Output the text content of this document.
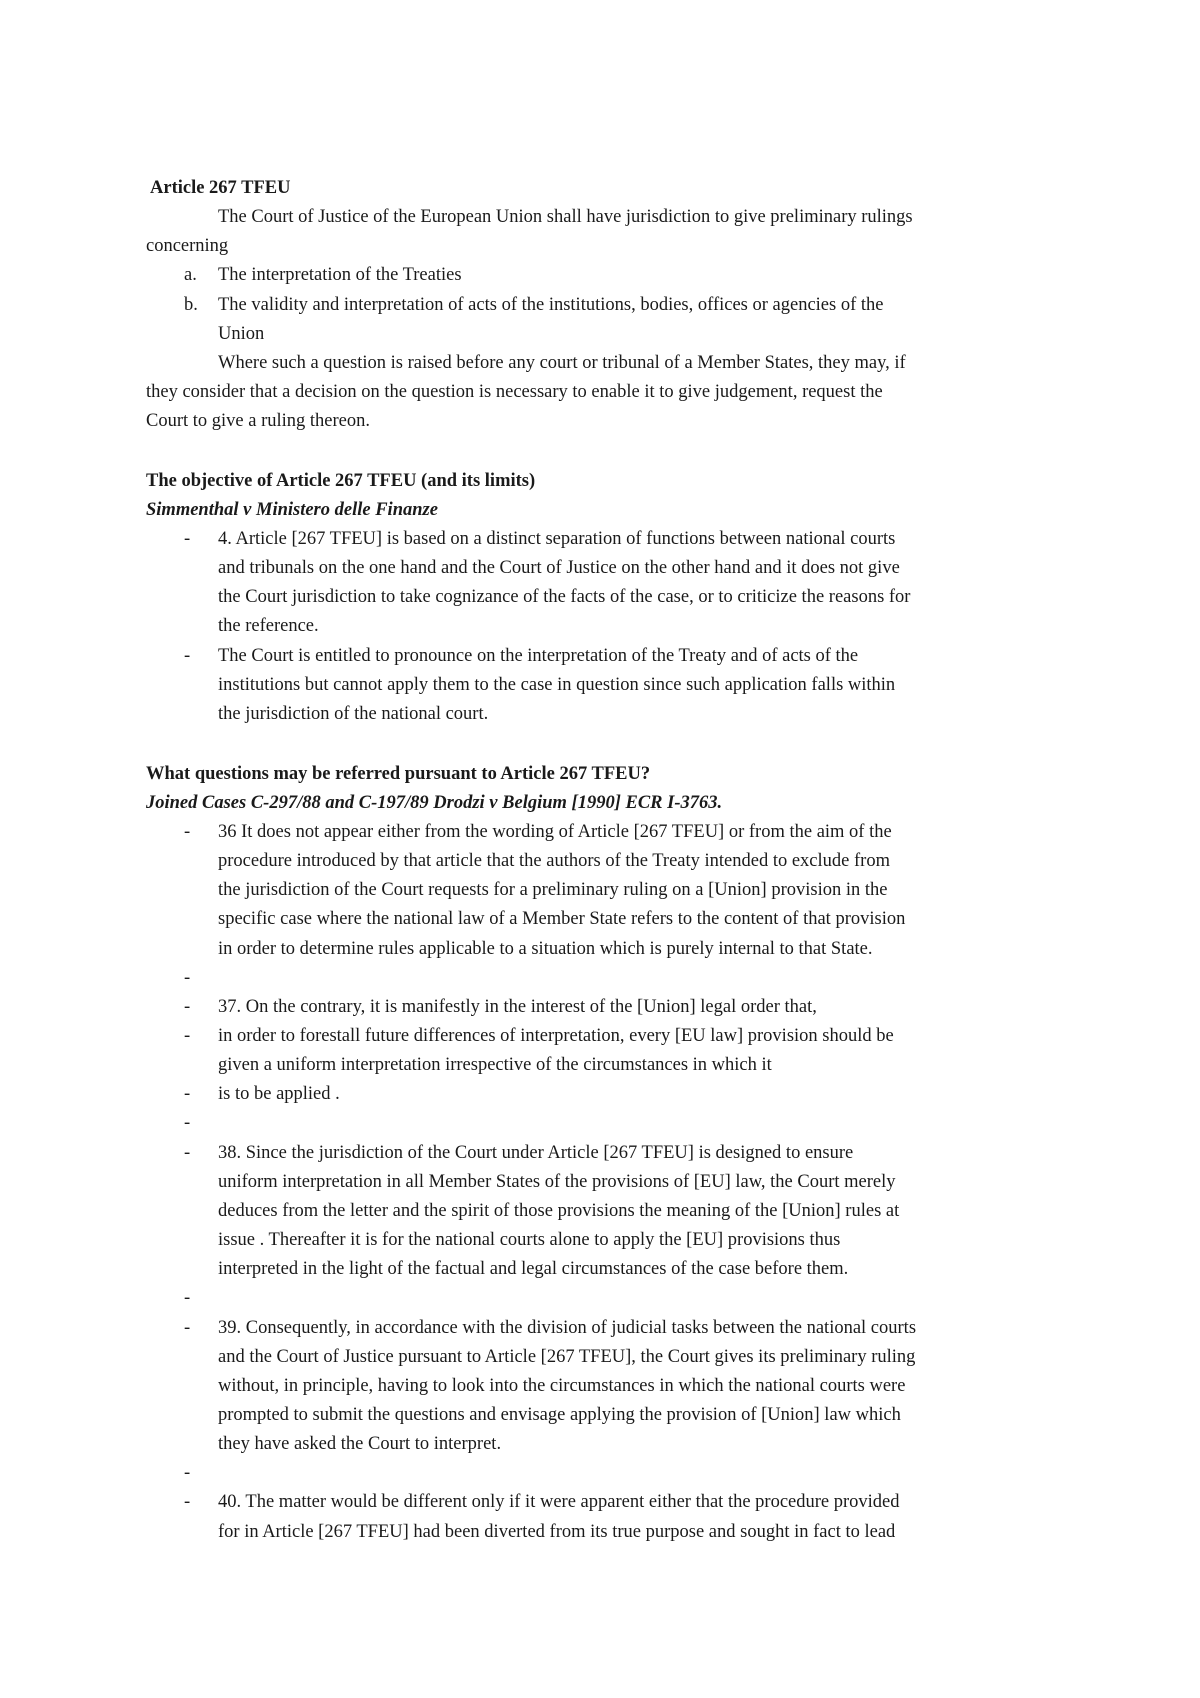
Article 267 TFEU
The Court of Justice of the European Union shall have jurisdiction to give preliminary rulings
concerning
a. The interpretation of the Treaties
b. The validity and interpretation of acts of the institutions, bodies, offices or agencies of the
Union
Where such a question is raised before any court or tribunal of a Member States, they may, if
they consider that a decision on the question is necessary to enable it to give judgement, request the
Court to give a ruling thereon.
The objective of Article 267 TFEU (and its limits)
Simmenthal v Ministero delle Finanze
- 4. Article [267 TFEU] is based on a distinct separation of functions between national courts
and tribunals on the one hand and the Court of Justice on the other hand and it does not give
the Court jurisdiction to take cognizance of the facts of the case, or to criticize the reasons for
the reference.
- The Court is entitled to pronounce on the interpretation of the Treaty and of acts of the
institutions but cannot apply them to the case in question since such application falls within
the jurisdiction of the national court.
What questions may be referred pursuant to Article 267 TFEU?
Joined Cases C-297/88 and C-197/89 Drodzi v Belgium [1990] ECR I-3763.
- 36 It does not appear either from the wording of Article [267 TFEU] or from the aim of the
procedure introduced by that article that the authors of the Treaty intended to exclude from
the jurisdiction of the Court requests for a preliminary ruling on a [Union] provision in the
specific case where the national law of a Member State refers to the content of that provision
in order to determine rules applicable to a situation which is purely internal to that State.
-
- 37. On the contrary, it is manifestly in the interest of the [Union] legal order that,
- in order to forestall future differences of interpretation, every [EU law] provision should be
given a uniform interpretation irrespective of the circumstances in which it
- is to be applied .
-
- 38. Since the jurisdiction of the Court under Article [267 TFEU] is designed to ensure
uniform interpretation in all Member States of the provisions of [EU] law, the Court merely
deduces from the letter and the spirit of those provisions the meaning of the [Union] rules at
issue . Thereafter it is for the national courts alone to apply the [EU] provisions thus
interpreted in the light of the factual and legal circumstances of the case before them.
-
- 39. Consequently, in accordance with the division of judicial tasks between the national courts
and the Court of Justice pursuant to Article [267 TFEU], the Court gives its preliminary ruling
without, in principle, having to look into the circumstances in which the national courts were
prompted to submit the questions and envisage applying the provision of [Union] law which
they have asked the Court to interpret.
-
- 40. The matter would be different only if it were apparent either that the procedure provided
for in Article [267 TFEU] had been diverted from its true purpose and sought in fact to lead
